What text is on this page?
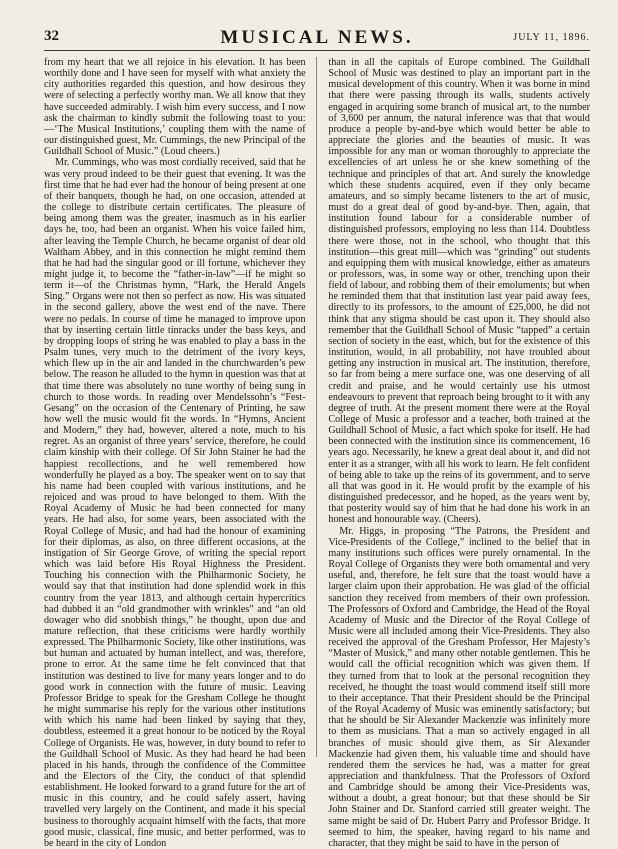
32	MUSICAL NEWS.	JULY 11, 1896.

from my heart that we all rejoice in his elevation. It has been worthily done and I have seen for myself with what anxiety the city authorities regarded this question, and how desirous they were of selecting a perfectly worthy man. We all know that they have succeeded admirably. I wish him every success, and I now ask the chairman to kindly submit the following toast to you:—‘The Musical Institutions,’ coupling them with the name of our distinguished guest, Mr. Cummings, the new Principal of the Guildhall School of Music.” (Loud cheers.)

Mr. Cummings, who was most cordially received, said that he was very proud indeed to be their guest that evening. It was the first time that he had ever had the honour of being present at one of their banquets, though he had, on one occasion, attended at the college to distribute certain certificates. The pleasure of being among them was the greater, inasmuch as in his earlier days he, too, had been an organist. When his voice failed him, after leaving the Temple Church, he became organist of dear old Waltham Abbey, and in this connection he might remind them that he had had the singular good or ill fortune, whichever they might judge it, to become the “father-in-law”—if he might so term it—of the Christmas hymn, “Hark, the Herald Angels Sing.” Organs were not then so perfect as now. His was situated in the second gallery, above the west end of the nave. There were no pedals. In course of time he managed to improve upon that by inserting certain little tinracks under the bass keys, and by dropping loops of string he was enabled to play a bass in the Psalm tunes, very much to the detriment of the ivory keys, which flew up in the air and landed in the churchwarden’s pew below. The reason he alluded to the hymn in question was that at that time there was absolutely no tune worthy of being sung in church to those words. In reading over Mendelssohn’s “Fest-Gesang” on the occasion of the Centenary of Printing, he saw how well the music would fit the words. In “Hymns, Ancient and Modern,” they had, however, altered a note, much to his regret. As an organist of three years’ service, therefore, he could claim kinship with their college. Of Sir John Stainer he had the happiest recollections, and he well remembered how wonderfully he played as a boy. The speaker went on to say that his name had been coupled with various institutions, and he rejoiced and was proud to have belonged to them. With the Royal Academy of Music he had been connected for many years. He had also, for some years, been associated with the Royal College of Music, and had had the honour of examining for their diplomas, as also, on three different occasions, at the instigation of Sir George Grove, of writing the special report which was laid before His Royal Highness the President. Touching his connection with the Philharmonic Society, he would say that that institution had done splendid work in this country from the year 1813, and although certain hypercritics had dubbed it an “old grandmother with wrinkles” and “an old dowager who did snobbish things,” he thought, upon due and mature reflection, that these criticisms were hardly worthily expressed. The Philharmonic Society, like other institutions, was but human and actuated by human intellect, and was, therefore, prone to error. At the same time he felt convinced that that institution was destined to live for many years longer and to do good work in connection with the future of music. Leaving Professor Bridge to speak for the Gresham College he thought he might summarise his reply for the various other institutions with which his name had been linked by saying that they, doubtless, esteemed it a great honour to be noticed by the Royal College of Organists. He was, however, in duty bound to refer to the Guildhall School of Music. As they had heard he had been placed in his hands, through the confidence of the Committee and the Electors of the City, the conduct of that splendid establishment. He looked forward to a grand future for the art of music in this country, and he could safely assert, having travelled very largely on the Continent, and made it his special business to thoroughly acquaint himself with the facts, that more good music, classical, fine music, and better performed, was to be heard in the city of London

than in all the capitals of Europe combined. The Guildhall School of Music was destined to play an important part in the musical development of this country. When it was borne in mind that there were passing through its walls, students actively engaged in acquiring some branch of musical art, to the number of 3,600 per annum, the natural inference was that that would produce a people by-and-bye which would better be able to appreciate the glories and the beauties of music. It was impossible for any man or woman thoroughly to appreciate the excellencies of art unless he or she knew something of the technique and principles of that art. And surely the knowledge which these students acquired, even if they only became amateurs, and so simply became listeners to the art of music, must do a great deal of good by-and-bye. Then, again, that institution found labour for a considerable number of distinguished professors, employing no less than 114. Doubtless there were those, not in the school, who thought that this institution—this great mill—which was “grinding” out students and equipping them with musical knowledge, either as amateurs or professors, was, in some way or other, trenching upon their field of labour, and robbing them of their emoluments; but when he reminded them that that institution last year paid away fees, directly to its professors, to the amount of £25,000, he did not think that any stigma should be cast upon it. They should also remember that the Guildhall School of Music “tapped” a certain section of society in the east, which, but for the existence of this institution, would, in all probability, not have troubled about getting any instruction in musical art. The institution, therefore, so far from being a mere surface one, was one deserving of all credit and praise, and he would certainly use his utmost endeavours to prevent that reproach being brought to it with any degree of truth. At the present moment there were at the Royal College of Music a professor and a teacher, both trained at the Guildhall School of Music, a fact which spoke for itself. He had been connected with the institution since its commencement, 16 years ago. Necessarily, he knew a great deal about it, and did not enter it as a stranger, with all his work to learn. He felt confident of being able to take up the reins of its government, and to serve all that was good in it. He would profit by the example of his distinguished predecessor, and he hoped, as the years went by, that posterity would say of him that he had done his work in an honest and honourable way. (Cheers).

Mr. Higgs, in proposing “The Patrons, the President and Vice-Presidents of the College,” inclined to the belief that in many institutions such offices were purely ornamental. In the Royal College of Organists they were both ornamental and very useful, and, therefore, he felt sure that the toast would have a larger claim upon their approbation. He was glad of the official sanction they received from members of their own profession. The Professors of Oxford and Cambridge, the Head of the Royal Academy of Music and the Director of the Royal College of Music were all included among their Vice-Presidents. They also received the approval of the Gresham Professor, Her Majesty’s “Master of Musick,” and many other notable gentlemen. This he would call the official recognition which was given them. If they turned from that to look at the personal recognition they received, he thought the toast would commend itself still more to their acceptance. That their President should be the Principal of the Royal Academy of Music was eminently satisfactory; but that he should be Sir Alexander Mackenzie was infinitely more to them as musicians. That a man so actively engaged in all branches of music should give them, as Sir Alexander Mackenzie had given them, his valuable time and should have rendered them the services he had, was a matter for great appreciation and thankfulness. That the Professors of Oxford and Cambridge should be among their Vice-Presidents was, without a doubt, a great honour; but that these should be Sir John Stainer and Dr. Stanford carried still greater weight. The same might be said of Dr. Hubert Parry and Professor Bridge. It seemed to him, the speaker, having regard to his name and character, that they might be said to have in the person of
